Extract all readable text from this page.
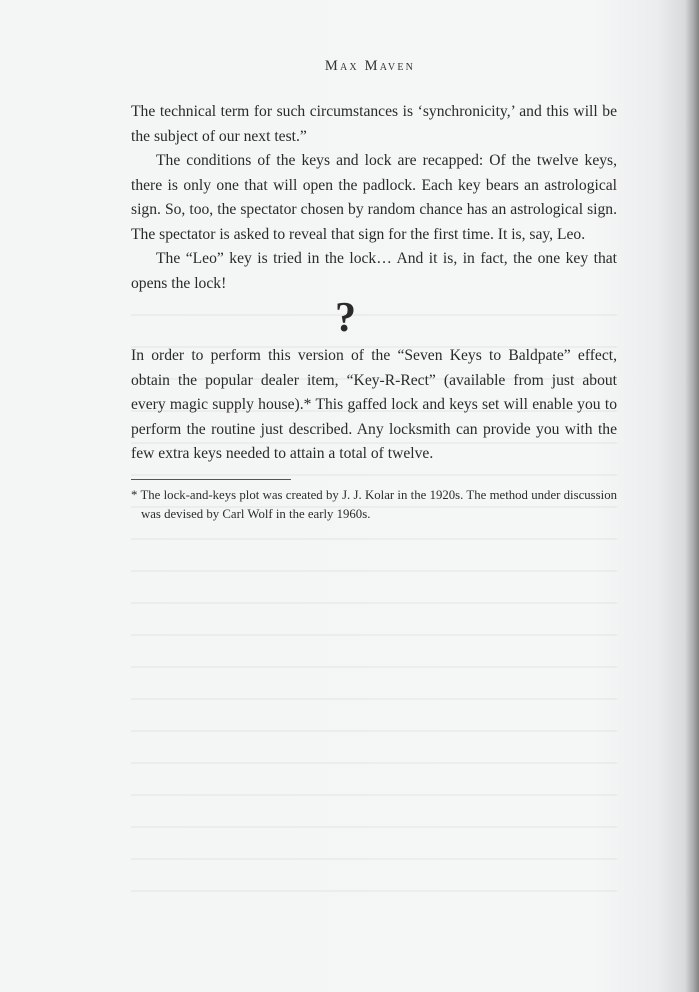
Max Maven

The technical term for such circumstances is ‘synchronicity,’ and this will be the subject of our next test.”

The conditions of the keys and lock are recapped: Of the twelve keys, there is only one that will open the padlock. Each key bears an astrological sign. So, too, the spectator chosen by random chance has an astrological sign. The spectator is asked to reveal that sign for the first time. It is, say, Leo.

The “Leo” key is tried in the lock… And it is, in fact, the one key that opens the lock!

?

In order to perform this version of the “Seven Keys to Baldpate” effect, obtain the popular dealer item, “Key-R-Rect” (available from just about every magic supply house).* This gaffed lock and keys set will enable you to perform the routine just described. Any locksmith can provide you with the few extra keys needed to attain a total of twelve.

* The lock-and-keys plot was created by J. J. Kolar in the 1920s. The method under discussion was devised by Carl Wolf in the early 1960s.
